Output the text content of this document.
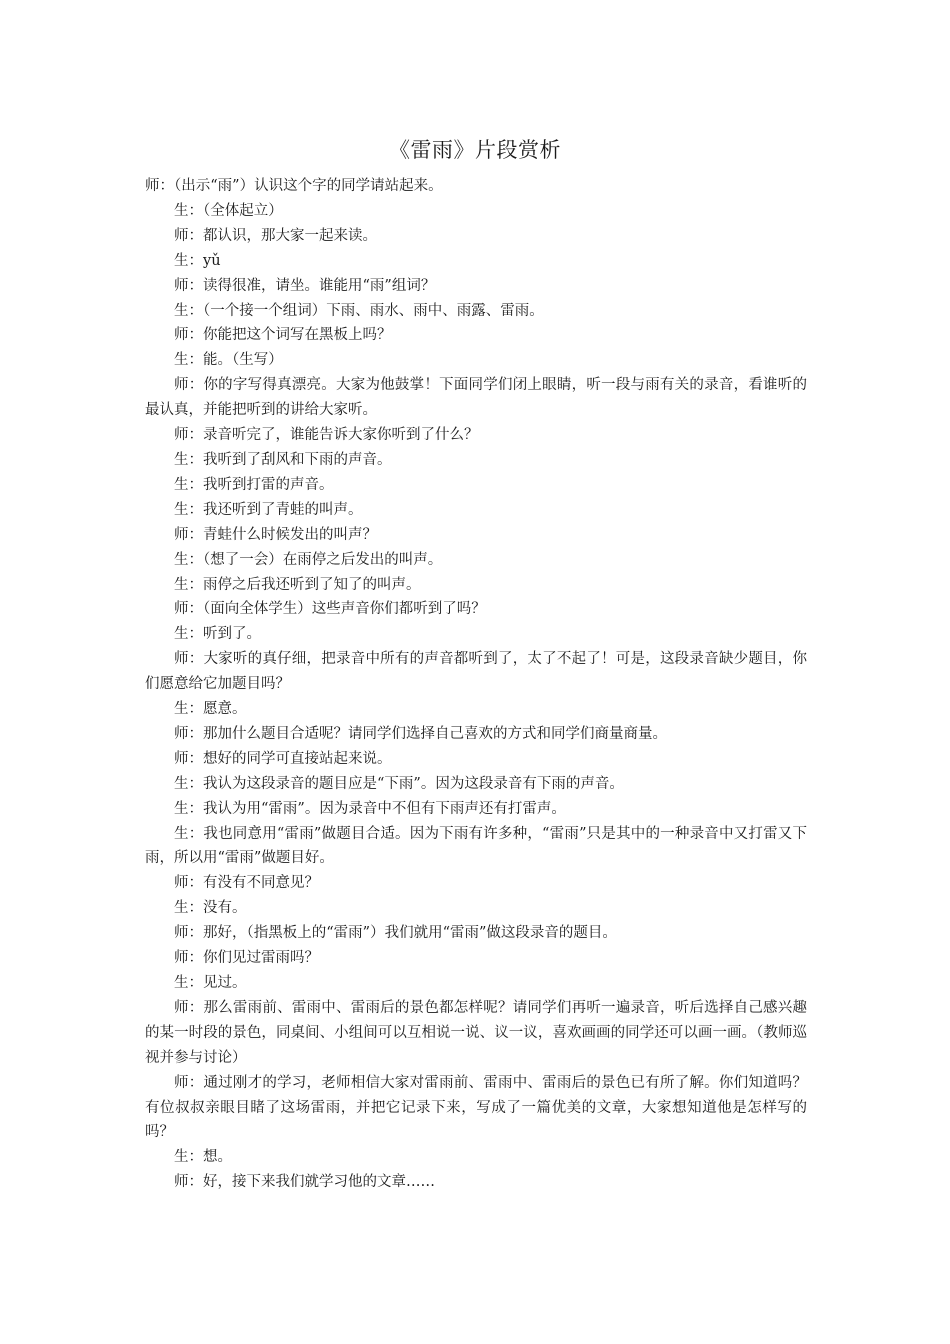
《雷雨》片段赏析

师：（出示“雨”）认识这个字的同学请站起来。

生：（全体起立）

师：都认识，那大家一起来读。

生：yǔ

师：读得很准，请坐。谁能用“雨”组词？

生：（一个接一个组词）下雨、雨水、雨中、雨露、雷雨。

师：你能把这个词写在黑板上吗？

生：能。（生写）

师：你的字写得真漂亮。大家为他鼓掌！下面同学们闭上眼睛，听一段与雨有关的录音，看谁听的最认真，并能把听到的讲给大家听。

师：录音听完了，谁能告诉大家你听到了什么？

生：我听到了刮风和下雨的声音。

生：我听到打雷的声音。

生：我还听到了青蛙的叫声。

师：青蛙什么时候发出的叫声？

生：（想了一会）在雨停之后发出的叫声。

生：雨停之后我还听到了知了的叫声。

师：（面向全体学生）这些声音你们都听到了吗？

生：听到了。

师：大家听的真仔细，把录音中所有的声音都听到了，太了不起了！可是，这段录音缺少题目，你们愿意给它加题目吗？

生：愿意。

师：那加什么题目合适呢？请同学们选择自己喜欢的方式和同学们商量商量。

师：想好的同学可直接站起来说。

生：我认为这段录音的题目应是“下雨”。因为这段录音有下雨的声音。

生：我认为用“雷雨”。因为录音中不但有下雨声还有打雷声。

生：我也同意用“雷雨”做题目合适。因为下雨有许多种，“雷雨”只是其中的一种录音中又打雷又下雨，所以用“雷雨”做题目好。

师：有没有不同意见？

生：没有。

师：那好，（指黑板上的“雷雨”）我们就用“雷雨”做这段录音的题目。

师：你们见过雷雨吗？

生：见过。

师：那么雷雨前、雷雨中、雷雨后的景色都怎样呢？请同学们再听一遍录音，听后选择自己感兴趣的某一时段的景色，同桌间、小组间可以互相说一说、议一议，喜欢画画的同学还可以画一画。（教师巡视并参与讨论）

师：通过刚才的学习，老师相信大家对雷雨前、雷雨中、雷雨后的景色已有所了解。你们知道吗？有位叔叔亲眼目睹了这场雷雨，并把它记录下来，写成了一篇优美的文章，大家想知道他是怎样写的吗？

生：想。

师：好，接下来我们就学习他的文章……
